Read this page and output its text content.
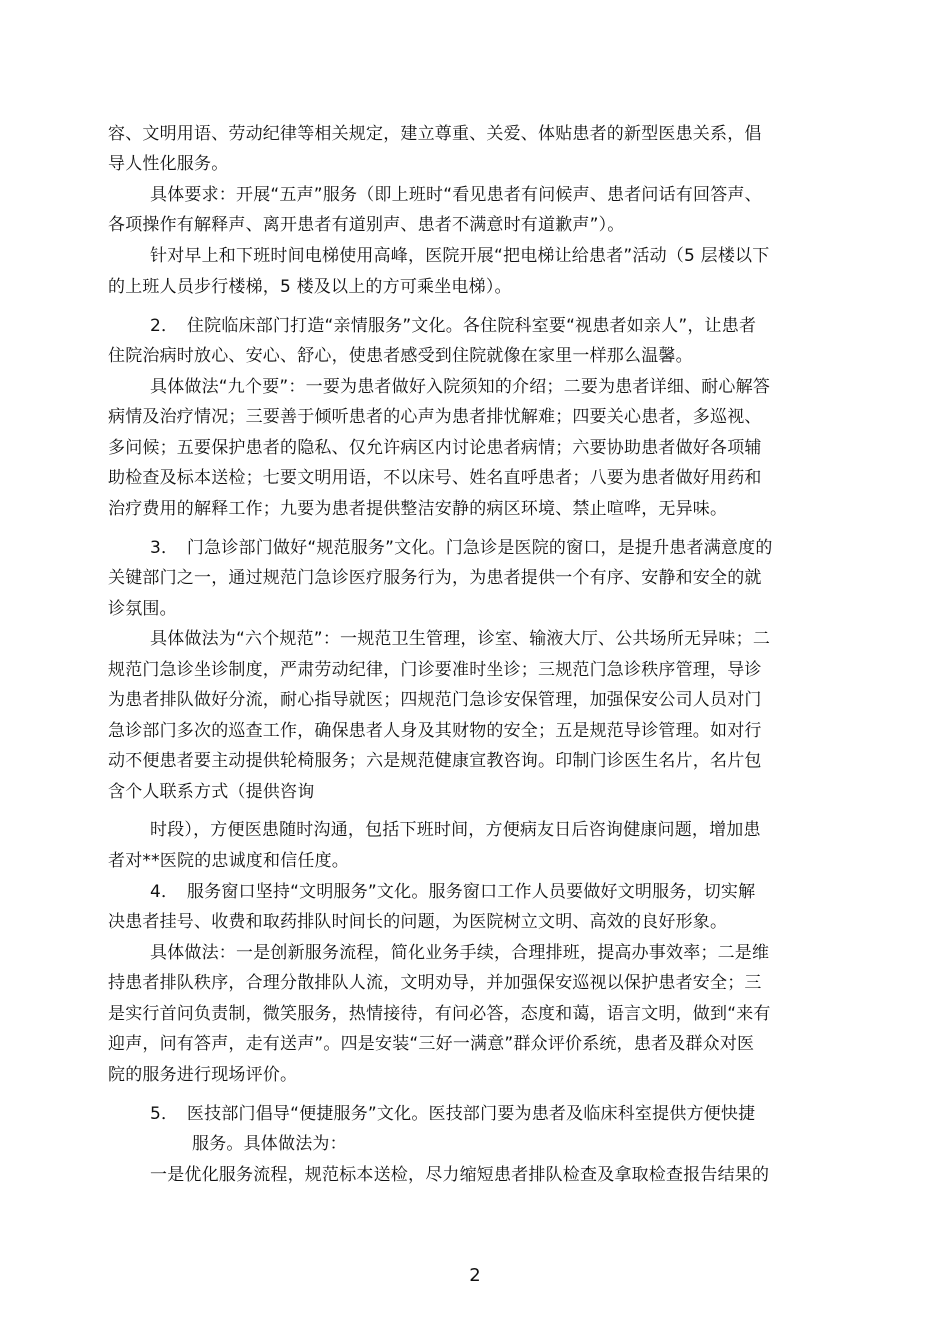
容、文明用语、劳动纪律等相关规定，建立尊重、关爱、体贴患者的新型医患关系，倡
导人性化服务。
具体要求：开展“五声”服务（即上班时“看见患者有问候声、患者问话有回答声、
各项操作有解释声、离开患者有道别声、患者不满意时有道歉声”）。
针对早上和下班时间电梯使用高峰，医院开展“把电梯让给患者”活动（5 层楼以下
的上班人员步行楼梯，5 楼及以上的方可乘坐电梯）。
2．　住院临床部门打造“亲情服务”文化。各住院科室要“视患者如亲人”，让患者
住院治病时放心、安心、舒心，使患者感受到住院就像在家里一样那么温馨。
具体做法“九个要”：一要为患者做好入院须知的介绍；二要为患者详细、耐心解答
病情及治疗情况；三要善于倾听患者的心声为患者排忧解难；四要关心患者，多巡视、
多问候；五要保护患者的隐私、仅允许病区内讨论患者病情；六要协助患者做好各项辅
助检查及标本送检；七要文明用语，不以床号、姓名直呼患者；八要为患者做好用药和
治疗费用的解释工作；九要为患者提供整洁安静的病区环境、禁止喧哗，无异味。
3．　门急诊部门做好“规范服务”文化。门急诊是医院的窗口，是提升患者满意度的
关键部门之一，通过规范门急诊医疗服务行为，为患者提供一个有序、安静和安全的就
诊氛围。
具体做法为“六个规范”：一规范卫生管理，诊室、输液大厅、公共场所无异味；二
规范门急诊坐诊制度，严肃劳动纪律，门诊要准时坐诊；三规范门急诊秩序管理，导诊
为患者排队做好分流，耐心指导就医；四规范门急诊安保管理，加强保安公司人员对门
急诊部门多次的巡查工作，确保患者人身及其财物的安全；五是规范导诊管理。如对行
动不便患者要主动提供轮椅服务；六是规范健康宣教咨询。印制门诊医生名片，名片包
含个人联系方式（提供咨询
时段），方便医患随时沟通，包括下班时间，方便病友日后咨询健康问题，增加患
者对**医院的忠诚度和信任度。
4．　服务窗口坚持“文明服务”文化。服务窗口工作人员要做好文明服务，切实解
决患者挂号、收费和取药排队时间长的问题，为医院树立文明、高效的良好形象。
具体做法：一是创新服务流程，简化业务手续，合理排班，提高办事效率；二是维
持患者排队秩序，合理分散排队人流，文明劝导，并加强保安巡视以保护患者安全；三
是实行首问负责制，微笑服务，热情接待，有问必答，态度和蔼，语言文明，做到“来有
迎声，问有答声，走有送声”。四是安装“三好一满意”群众评价系统，患者及群众对医
院的服务进行现场评价。
5．　医技部门倡导“便捷服务”文化。医技部门要为患者及临床科室提供方便快捷
服务。具体做法为：
一是优化服务流程，规范标本送检，尽力缩短患者排队检查及拿取检查报告结果的
2
